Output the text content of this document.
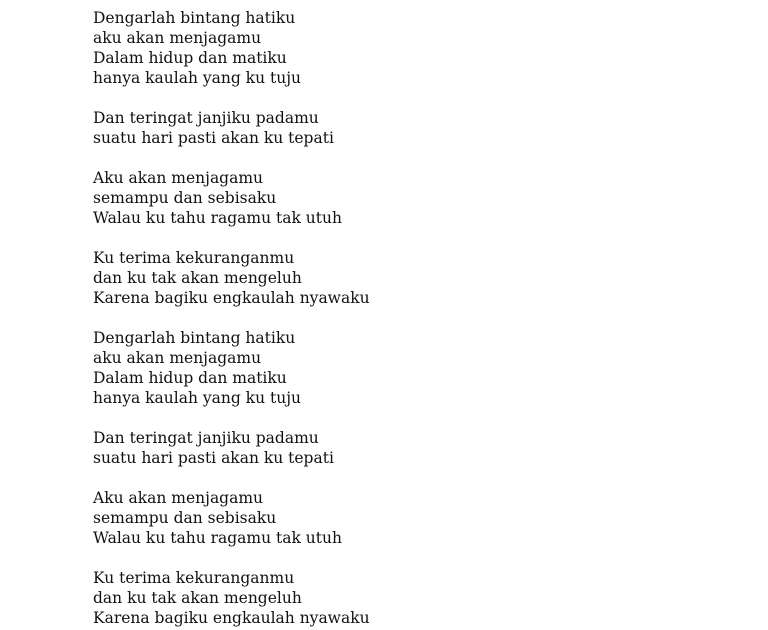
Dengarlah bintang hatiku
aku akan menjagamu
Dalam hidup dan matiku
hanya kaulah yang ku tuju
Dan teringat janjiku padamu
suatu hari pasti akan ku tepati
Aku akan menjagamu
semampu dan sebisaku
Walau ku tahu ragamu tak utuh
Ku terima kekuranganmu
dan ku tak akan mengeluh
Karena bagiku engkaulah nyawaku
Dengarlah bintang hatiku
aku akan menjagamu
Dalam hidup dan matiku
hanya kaulah yang ku tuju
Dan teringat janjiku padamu
suatu hari pasti akan ku tepati
Aku akan menjagamu
semampu dan sebisaku
Walau ku tahu ragamu tak utuh
Ku terima kekuranganmu
dan ku tak akan mengeluh
Karena bagiku engkaulah nyawaku
